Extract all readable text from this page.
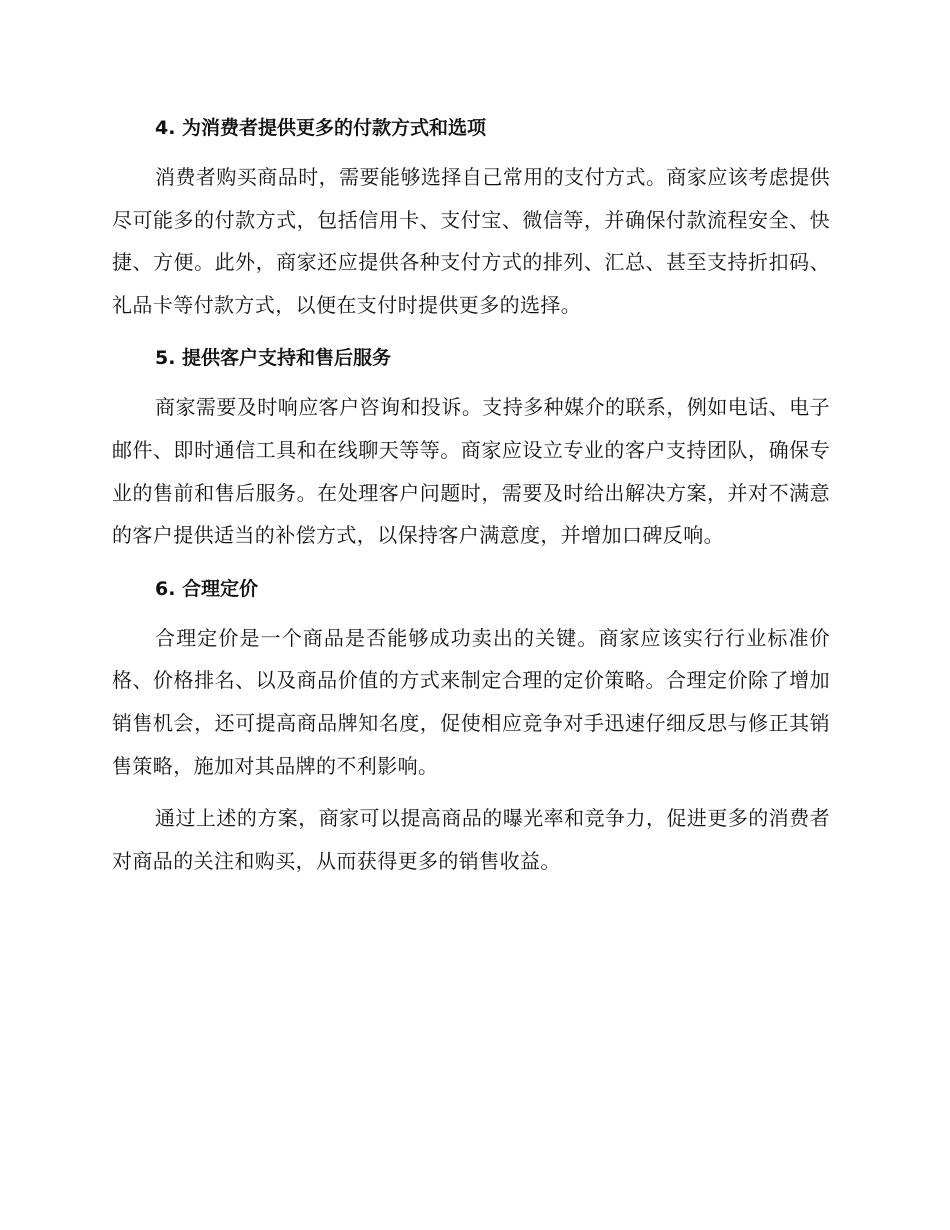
4. 为消费者提供更多的付款方式和选项

消费者购买商品时，需要能够选择自己常用的支付方式。商家应该考虑提供尽可能多的付款方式，包括信用卡、支付宝、微信等，并确保付款流程安全、快捷、方便。此外，商家还应提供各种支付方式的排列、汇总、甚至支持折扣码、礼品卡等付款方式，以便在支付时提供更多的选择。

5. 提供客户支持和售后服务

商家需要及时响应客户咨询和投诉。支持多种媒介的联系，例如电话、电子邮件、即时通信工具和在线聊天等等。商家应设立专业的客户支持团队，确保专业的售前和售后服务。在处理客户问题时，需要及时给出解决方案，并对不满意的客户提供适当的补偿方式，以保持客户满意度，并增加口碑反响。

6. 合理定价

合理定价是一个商品是否能够成功卖出的关键。商家应该实行行业标准价格、价格排名、以及商品价值的方式来制定合理的定价策略。合理定价除了增加销售机会，还可提高商品牌知名度，促使相应竞争对手迅速仔细反思与修正其销售策略，施加对其品牌的不利影响。

通过上述的方案，商家可以提高商品的曝光率和竞争力，促进更多的消费者对商品的关注和购买，从而获得更多的销售收益。
